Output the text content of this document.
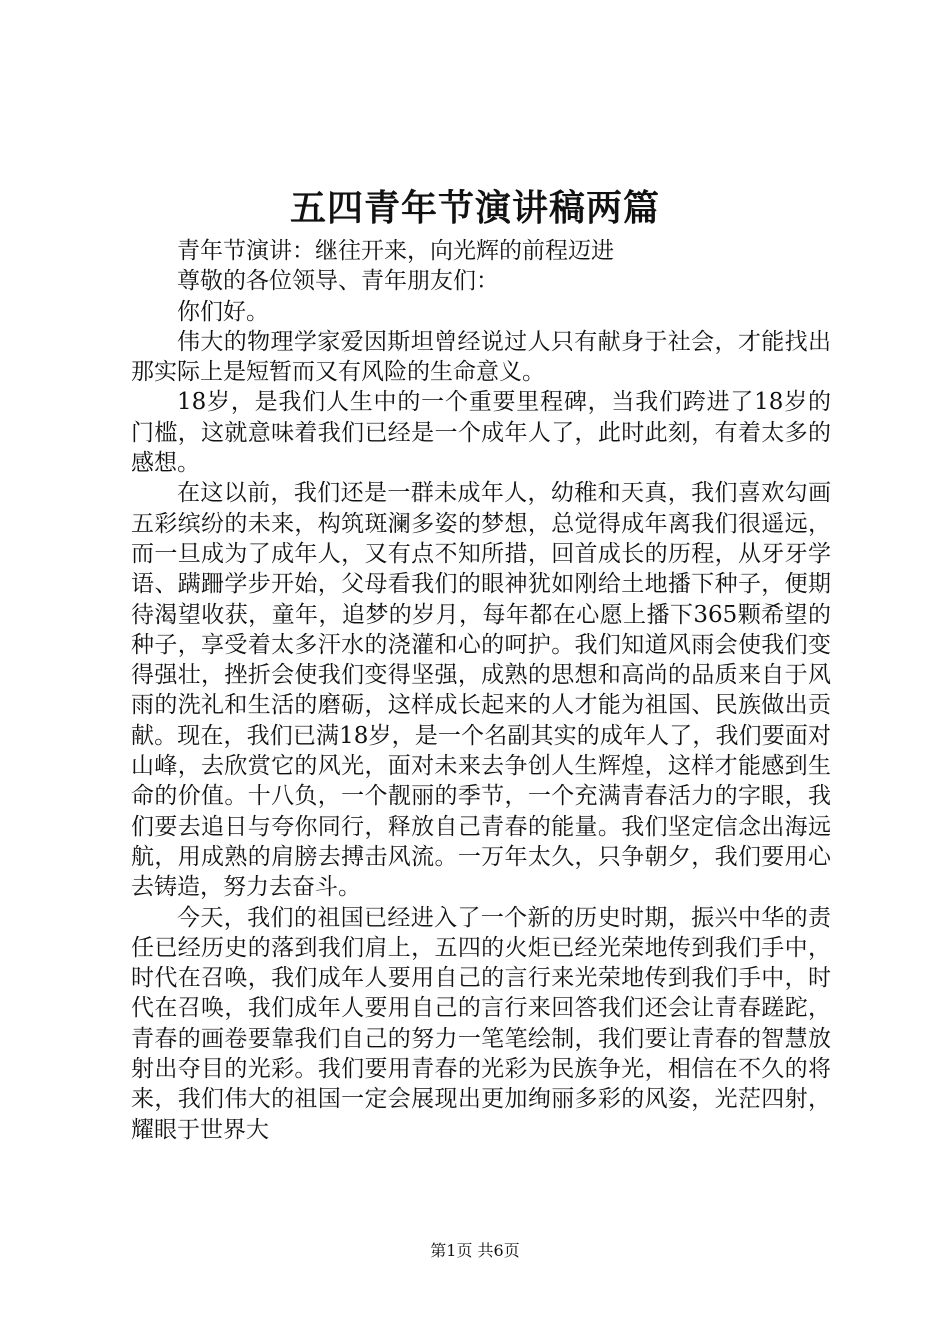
五四青年节演讲稿两篇

青年节演讲：继往开来，向光辉的前程迈进

尊敬的各位领导、青年朋友们：

你们好。

伟大的物理学家爱因斯坦曾经说过人只有献身于社会，才能找出那实际上是短暂而又有风险的生命意义。

18岁，是我们人生中的一个重要里程碑，当我们跨进了18岁的门槛，这就意味着我们已经是一个成年人了，此时此刻，有着太多的感想。

在这以前，我们还是一群未成年人，幼稚和天真，我们喜欢勾画五彩缤纷的未来，构筑斑澜多姿的梦想，总觉得成年离我们很遥远，而一旦成为了成年人，又有点不知所措，回首成长的历程，从牙牙学语、蹒跚学步开始，父母看我们的眼神犹如刚给土地播下种子，便期待渴望收获，童年，追梦的岁月，每年都在心愿上播下365颗希望的种子，享受着太多汗水的浇灌和心的呵护。我们知道风雨会使我们变得强壮，挫折会使我们变得坚强，成熟的思想和高尚的品质来自于风雨的洗礼和生活的磨砺，这样成长起来的人才能为祖国、民族做出贡献。现在，我们已满18岁，是一个名副其实的成年人了，我们要面对山峰，去欣赏它的风光，面对未来去争创人生辉煌，这样才能感到生命的价值。十八负，一个靓丽的季节，一个充满青春活力的字眼，我们要去追日与夸你同行，释放自己青春的能量。我们坚定信念出海远航，用成熟的肩膀去搏击风流。一万年太久，只争朝夕，我们要用心去铸造，努力去奋斗。

今天，我们的祖国已经进入了一个新的历史时期，振兴中华的责任已经历史的落到我们肩上，五四的火炬已经光荣地传到我们手中，时代在召唤，我们成年人要用自己的言行来光荣地传到我们手中，时代在召唤，我们成年人要用自己的言行来回答我们还会让青春蹉跎，青春的画卷要靠我们自己的努力一笔笔绘制，我们要让青春的智慧放射出夺目的光彩。我们要用青春的光彩为民族争光，相信在不久的将来，我们伟大的祖国一定会展现出更加绚丽多彩的风姿，光茫四射，耀眼于世界大

第1页 共6页
